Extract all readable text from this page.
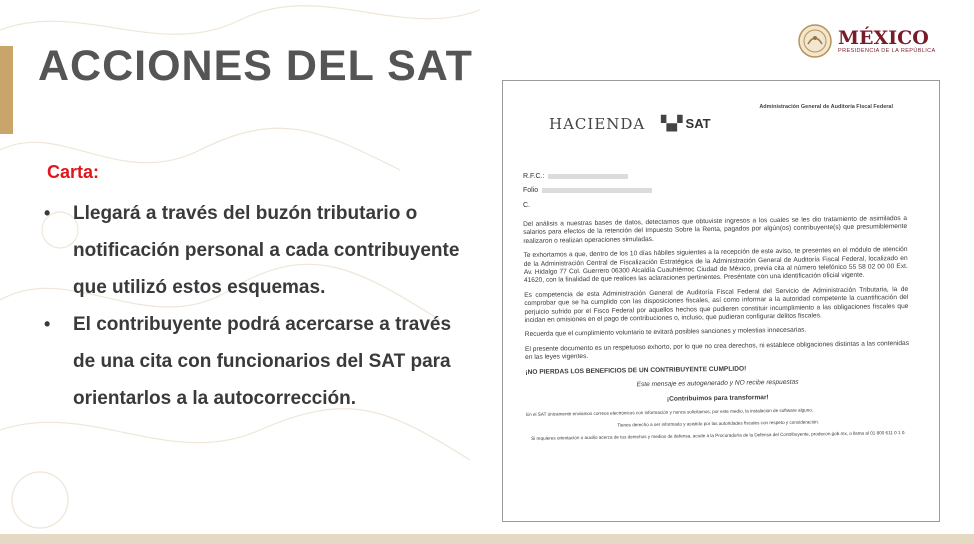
ACCIONES DEL SAT
MÉXICO
PRESIDENCIA DE LA REPÚBLICA
Carta:
•	Llegará a través del buzón tributario o notificación personal a cada contribuyente que utilizó estos esquemas.
•	El contribuyente podrá acercarse a través de una cita con funcionarios del SAT para orientarlos a la autocorrección.
Administración General de Auditoría Fiscal Federal
HACIENDA ▚▞ SAT
R.F.C.:
Folio
C.

Del análisis a nuestras bases de datos, detectamos que obtuviste ingresos a los cuales se les dio tratamiento de asimilados a salarios para efectos de la retención del Impuesto Sobre la Renta, pagados por algún(os) contribuyente(s) que presumiblemente realizaron o realizan operaciones simuladas.

Te exhortamos a que, dentro de los 10 días hábiles siguientes a la recepción de este aviso, te presentes en el módulo de atención de la Administración Central de Fiscalización Estratégica de la Administración General de Auditoría Fiscal Federal, localizado en Av. Hidalgo 77 Col. Guerrero 06300 Alcaldía Cuauhtémoc Ciudad de México, previa cita al número telefónico 55 58 02 00 00 Ext. 41620, con la finalidad de que realices las aclaraciones pertinentes. Preséntate con una identificación oficial vigente.

Es competencia de esta Administración General de Auditoría Fiscal Federal del Servicio de Administración Tributaria, la de comprobar que se ha cumplido con las disposiciones fiscales, así como informar a la autoridad competente la cuantificación del perjuicio sufrido por el Fisco Federal por aquellos hechos que pudieren constituir incumplimiento a las obligaciones fiscales que incidan en omisiones en el pago de contribuciones o, incluso, que pudieran configurar delitos fiscales.

Recuerda que el cumplimiento voluntario te evitará posibles sanciones y molestias innecesarias.

El presente documento es un respetuoso exhorto, por lo que no crea derechos, ni establece obligaciones distintas a las contenidas en las leyes vigentes.

¡NO PIERDAS LOS BENEFICIOS DE UN CONTRIBUYENTE CUMPLIDO!

Este mensaje es autogenerado y NO recibe respuestas

¡Contribuimos para transformar!

En el SAT únicamente enviamos correos electrónicos con información y nunca solicitamos, por este medio, la instalación de software alguno.

Tienes derecho a ser informado y asistido por las autoridades fiscales con respeto y consideración.

Si requieres orientación o auxilio acerca de tus derechos y medios de defensa, acude a la Procuraduría de la Defensa del Contribuyente, prodecon.gob.mx, o llama al 01 800 611 0 1 0.
